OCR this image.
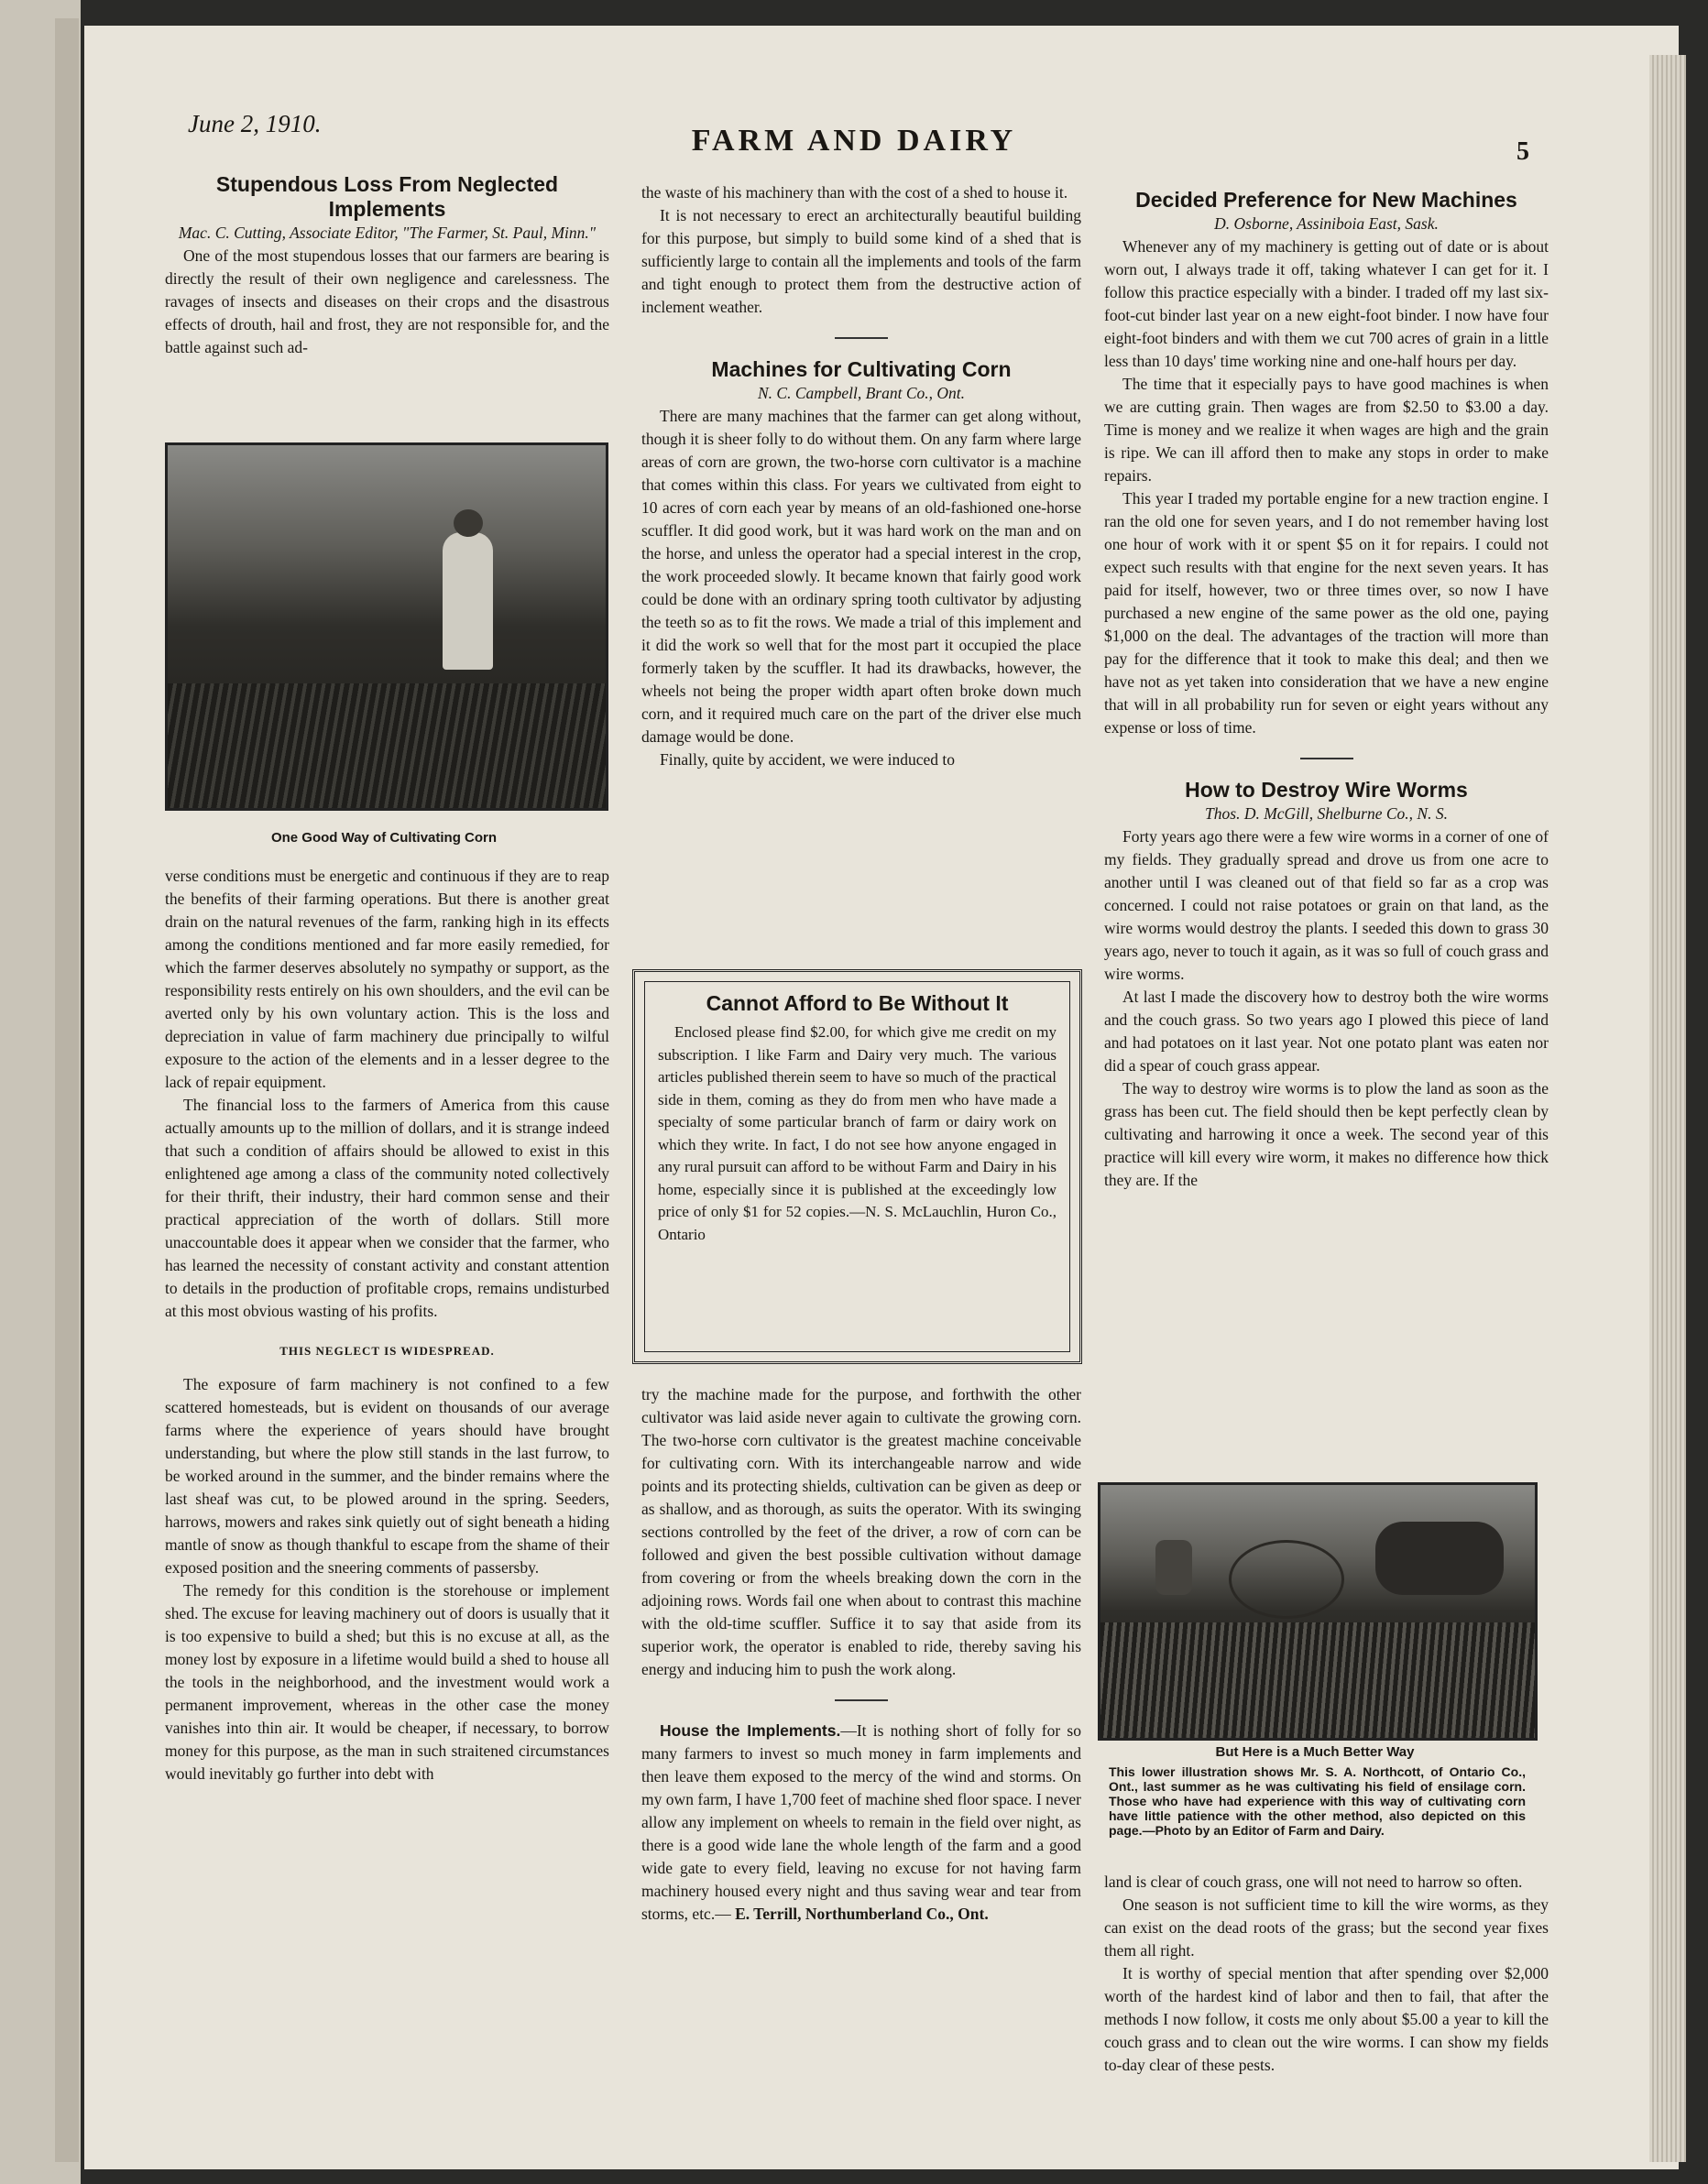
June 2, 1910.	FARM AND DAIRY	5
Stupendous Loss From Neglected Implements

Mac. C. Cutting, Associate Editor, "The Farmer, St. Paul, Minn."

One of the most stupendous losses that our farmers are bearing is directly the result of their own negligence and carelessness. The ravages of insects and diseases on their crops and the disastrous effects of drouth, hail and frost, they are not responsible for, and the battle against such ad-

One Good Way of Cultivating Corn

verse conditions must be energetic and continuous if they are to reap the benefits of their farming operations. But there is another great drain on the natural revenues of the farm, ranking high in its effects among the conditions mentioned and far more easily remedied, for which the farmer deserves absolutely no sympathy or support, as the responsibility rests entirely on his own shoulders, and the evil can be averted only by his own voluntary action. This is the loss and depreciation in value of farm machinery due principally to wilful exposure to the action of the elements and in a lesser degree to the lack of repair equipment.

The financial loss to the farmers of America from this cause actually amounts up to the million of dollars, and it is strange indeed that such a condition of affairs should be allowed to exist in this enlightened age among a class of the community noted collectively for their thrift, their industry, their hard common sense and their practical appreciation of the worth of dollars. Still more unaccountable does it appear when we consider that the farmer, who has learned the necessity of constant activity and constant attention to details in the production of profitable crops, remains undisturbed at this most obvious wasting of his profits.

THIS NEGLECT IS WIDESPREAD.

The exposure of farm machinery is not confined to a few scattered homesteads, but is evident on thousands of our average farms where the experience of years should have brought understanding, but where the plow still stands in the last furrow, to be worked around in the summer, and the binder remains where the last sheaf was cut, to be plowed around in the spring. Seeders, harrows, mowers and rakes sink quietly out of sight beneath a hiding mantle of snow as though thankful to escape from the shame of their exposed position and the sneering comments of passersby.

The remedy for this condition is the storehouse or implement shed. The excuse for leaving machinery out of doors is usually that it is too expensive to build a shed; but this is no excuse at all, as the money lost by exposure in a lifetime would build a shed to house all the tools in the neighborhood, and the investment would work a permanent improvement, whereas in the other case the money vanishes into thin air. It would be cheaper, if necessary, to borrow money for this purpose, as the man in such straitened circumstances would inevitably go further into debt with

the waste of his machinery than with the cost of a shed to house it.

It is not necessary to erect an architecturally beautiful building for this purpose, but simply to build some kind of a shed that is sufficiently large to contain all the implements and tools of the farm and tight enough to protect them from the destructive action of inclement weather.

Machines for Cultivating Corn

N. C. Campbell, Brant Co., Ont.

There are many machines that the farmer can get along without, though it is sheer folly to do without them. On any farm where large areas of corn are grown, the two-horse corn cultivator is a machine that comes within this class. For years we cultivated from eight to 10 acres of corn each year by means of an old-fashioned one-horse scuffler. It did good work, but it was hard work on the man and on the horse, and unless the operator had a special interest in the crop, the work proceeded slowly. It became known that fairly good work could be done with an ordinary spring tooth cultivator by adjusting the teeth so as to fit the rows. We made a trial of this implement and it did the work so well that for the most part it occupied the place formerly taken by the scuffler. It had its drawbacks, however, the wheels not being the proper width apart often broke down much corn, and it required much care on the part of the driver else much damage would be done.

Finally, quite by accident, we were induced to

Cannot Afford to Be Without It

Enclosed please find $2.00, for which give me credit on my subscription. I like Farm and Dairy very much. The various articles published therein seem to have so much of the practical side in them, coming as they do from men who have made a specialty of some particular branch of farm or dairy work on which they write. In fact, I do not see how anyone engaged in any rural pursuit can afford to be without Farm and Dairy in his home, especially since it is published at the exceedingly low price of only $1 for 52 copies.—N. S. McLauchlin, Huron Co., Ontario

try the machine made for the purpose, and forthwith the other cultivator was laid aside never again to cultivate the growing corn. The two-horse corn cultivator is the greatest machine conceivable for cultivating corn. With its interchangeable narrow and wide points and its protecting shields, cultivation can be given as deep or as shallow, and as thorough, as suits the operator. With its swinging sections controlled by the feet of the driver, a row of corn can be followed and given the best possible cultivation without damage from covering or from the wheels breaking down the corn in the adjoining rows. Words fail one when about to contrast this machine with the old-time scuffler. Suffice it to say that aside from its superior work, the operator is enabled to ride, thereby saving his energy and inducing him to push the work along.

House the Implements.—It is nothing short of folly for so many farmers to invest so much money in farm implements and then leave them exposed to the mercy of the wind and storms. On my own farm, I have 1,700 feet of machine shed floor space. I never allow any implement on wheels to remain in the field over night, as there is a good wide lane the whole length of the farm and a good wide gate to every field, leaving no excuse for not having farm machinery housed every night and thus saving wear and tear from storms, etc.— E. Terrill, Northumberland Co., Ont.

Decided Preference for New Machines

D. Osborne, Assiniboia East, Sask.

Whenever any of my machinery is getting out of date or is about worn out, I always trade it off, taking whatever I can get for it. I follow this practice especially with a binder. I traded off my last six-foot-cut binder last year on a new eight-foot binder. I now have four eight-foot binders and with them we cut 700 acres of grain in a little less than 10 days' time working nine and one-half hours per day.

The time that it especially pays to have good machines is when we are cutting grain. Then wages are from $2.50 to $3.00 a day. Time is money and we realize it when wages are high and the grain is ripe. We can ill afford then to make any stops in order to make repairs.

This year I traded my portable engine for a new traction engine. I ran the old one for seven years, and I do not remember having lost one hour of work with it or spent $5 on it for repairs. I could not expect such results with that engine for the next seven years. It has paid for itself, however, two or three times over, so now I have purchased a new engine of the same power as the old one, paying $1,000 on the deal. The advantages of the traction will more than pay for the difference that it took to make this deal; and then we have not as yet taken into consideration that we have a new engine that will in all probability run for seven or eight years without any expense or loss of time.

How to Destroy Wire Worms

Thos. D. McGill, Shelburne Co., N. S.

Forty years ago there were a few wire worms in a corner of one of my fields. They gradually spread and drove us from one acre to another until I was cleaned out of that field so far as a crop was concerned. I could not raise potatoes or grain on that land, as the wire worms would destroy the plants. I seeded this down to grass 30 years ago, never to touch it again, as it was so full of couch grass and wire worms.

At last I made the discovery how to destroy both the wire worms and the couch grass. So two years ago I plowed this piece of land and had potatoes on it last year. Not one potato plant was eaten nor did a spear of couch grass appear.

The way to destroy wire worms is to plow the land as soon as the grass has been cut. The field should then be kept perfectly clean by cultivating and harrowing it once a week. The second year of this practice will kill every wire worm, it makes no difference how thick they are. If the

But Here is a Much Better Way
This lower illustration shows Mr. S. A. Northcott, of Ontario Co., Ont., last summer as he was cultivating his field of ensilage corn. Those who have had experience with this way of cultivating corn have little patience with the other method, also depicted on this page.—Photo by an Editor of Farm and Dairy.

land is clear of couch grass, one will not need to harrow so often.

One season is not sufficient time to kill the wire worms, as they can exist on the dead roots of the grass; but the second year fixes them all right.

It is worthy of special mention that after spending over $2,000 worth of the hardest kind of labor and then to fail, that after the methods I now follow, it costs me only about $5.00 a year to kill the couch grass and to clean out the wire worms. I can show my fields to-day clear of these pests.
